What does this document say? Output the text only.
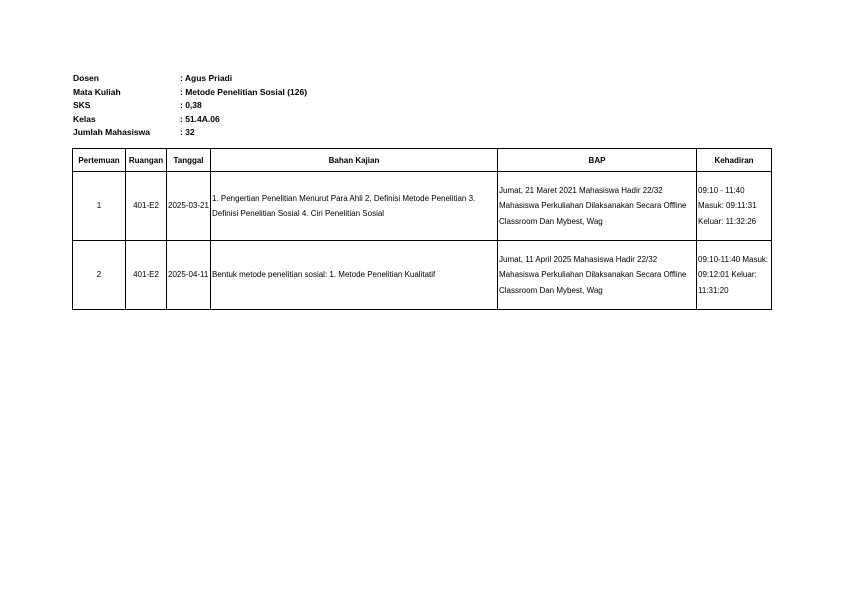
Dosen	: Agus Priadi
Mata Kuliah	: Metode Penelitian Sosial (126)
SKS	: 0,38
Kelas	: 51.4A.06
Jumlah Mahasiswa	: 32
Pertemuan	Ruangan	Tanggal	Bahan Kajian	BAP	Kehadiran
1	401-E2	2025-03-21	1. Pengertian Penelitian Menurut Para Ahli 2. Definisi Metode Penelitian 3. Definisi Penelitian Sosial 4. Ciri Penelitian Sosial	Jumat, 21 Maret 2021 Mahasiswa Hadir 22/32 Mahasiswa Perkuliahan Dilaksanakan Secara Offline Classroom Dan Mybest, Wag	09:10 - 11:40 Masuk: 09:11:31 Keluar: 11:32:26
2	401-E2	2025-04-11	Bentuk metode penelitian sosial: 1. Metode Penelitian Kualitatif	Jumat, 11 April 2025 Mahasiswa Hadir 22/32 Mahasiswa Perkuliahan Dilaksanakan Secara Offline Classroom Dan Mybest, Wag	09:10-11:40 Masuk: 09:12:01 Keluar: 11:31:20
